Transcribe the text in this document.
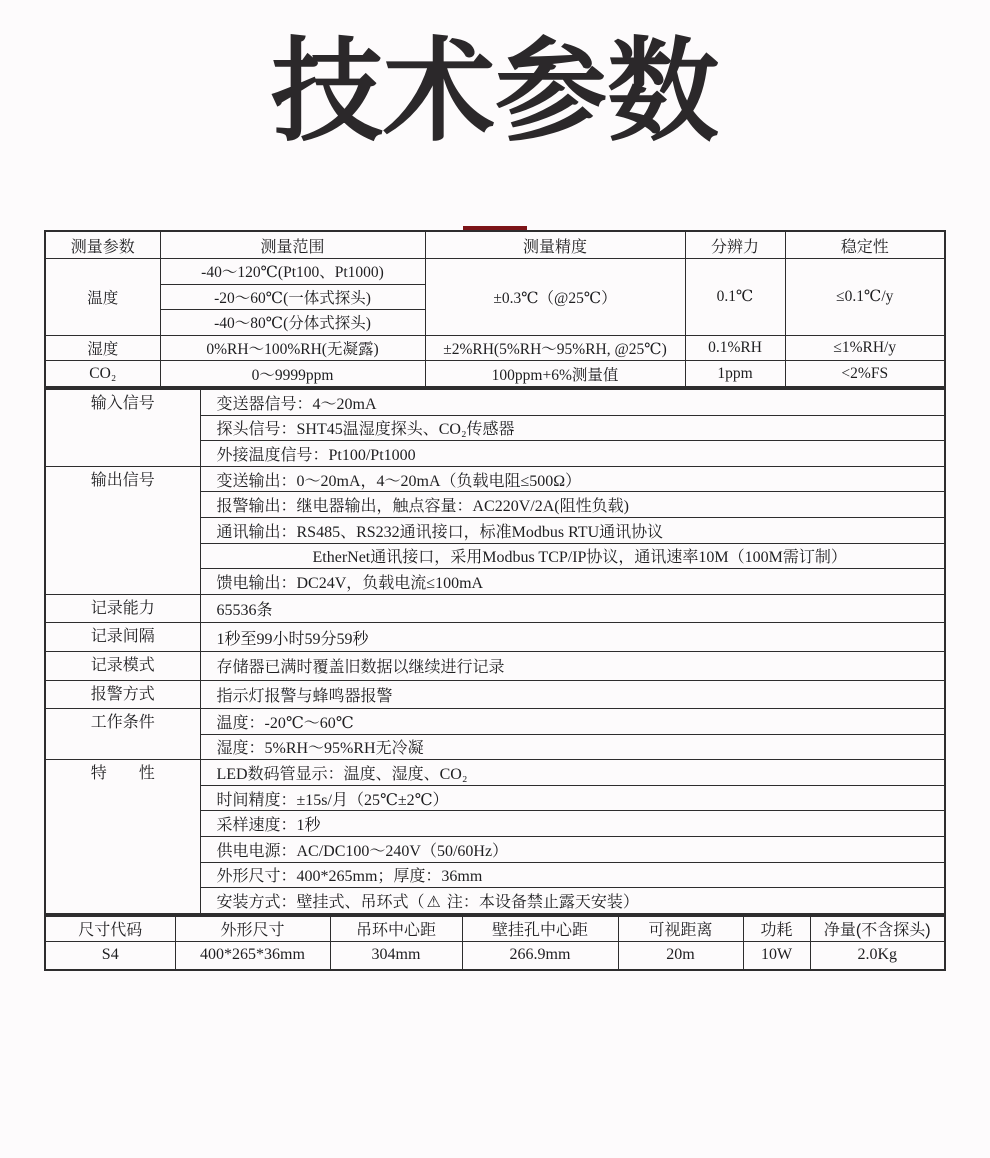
技术参数
测量参数	测量范围	测量精度	分辨力	稳定性
温度	-40～120℃(Pt100、Pt1000)	±0.3℃（@25℃）	0.1℃	≤0.1℃/y
	-20～60℃(一体式探头)			
	-40～80℃(分体式探头)			
湿度	0%RH～100%RH(无凝露)	±2%RH(5%RH～95%RH, @25℃)	0.1%RH	≤1%RH/y
CO₂	0～9999ppm	100ppm+6%测量值	1ppm	<2%FS
输入信号	变送器信号：4～20mA
	探头信号：SHT45温湿度探头、CO₂传感器
	外接温度信号：Pt100/Pt1000
输出信号	变送输出：0～20mA，4～20mA（负载电阻≤500Ω）
	报警输出：继电器输出，触点容量：AC220V/2A(阻性负载)
	通讯输出：RS485、RS232通讯接口，标准Modbus RTU通讯协议
	EtherNet通讯接口，采用Modbus TCP/IP协议，通讯速率10M（100M需订制）
	馈电输出：DC24V，负载电流≤100mA
记录能力	65536条
记录间隔	1秒至99小时59分59秒
记录模式	存储器已满时覆盖旧数据以继续进行记录
报警方式	指示灯报警与蜂鸣器报警
工作条件	温度：-20℃～60℃
	湿度：5%RH～95%RH无冷凝
特　　性	LED数码管显示：温度、湿度、CO₂
	时间精度：±15s/月（25℃±2℃）
	采样速度：1秒
	供电电源：AC/DC100～240V（50/60Hz）
	外形尺寸：400*265mm；厚度：36mm
	安装方式：壁挂式、吊环式（ ⚠ 注：本设备禁止露天安装）
尺寸代码	外形尺寸	吊环中心距	壁挂孔中心距	可视距离	功耗	净量(不含探头)
S4	400*265*36mm	304mm	266.9mm	20m	10W	2.0Kg
